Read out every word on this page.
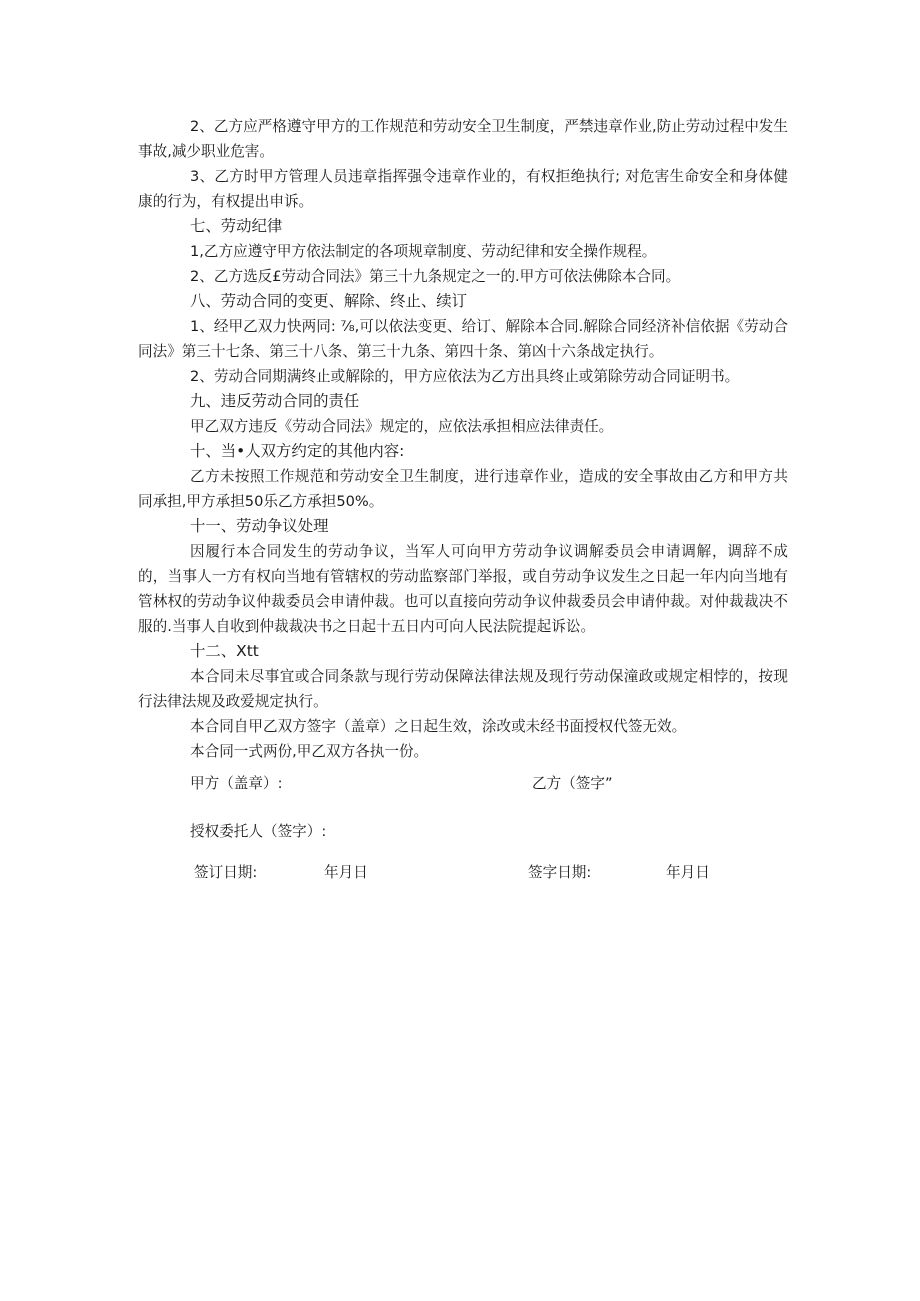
2、乙方应严格遵守甲方的工作规范和劳动安全卫生制度，严禁违章作业,防止劳动过程中发生事故,减少职业危害。

3、乙方时甲方管理人员违章指挥强令违章作业的，有权拒绝执行; 对危害生命安全和身体健康的行为，有权提出申诉。

七、劳动纪律

1,乙方应遵守甲方依法制定的各项规章制度、劳动纪律和安全操作规程。

2、乙方选反£劳动合同法》第三十九条规定之一的.甲方可依法佛除本合同。

八、劳动合同的变更、解除、终止、续订

1、经甲乙双力快两同: ⅞,可以依法变更、给订、解除本合同.解除合同经济补信依据《劳动合同法》第三十七条、第三十八条、第三十九条、第四十条、第凶十六条战定执行。

2、劳动合同期满终止或解除的，甲方应依法为乙方出具终止或第除劳动合同证明书。

九、违反劳动合同的责任

甲乙双方违反《劳动合同法》规定的，应依法承担相应法律责任。

十、当•人双方约定的其他内容:

乙方未按照工作规范和劳动安全卫生制度，进行违章作业，造成的安全事故由乙方和甲方共同承担,甲方承担50乐乙方承担50%。

十一、劳动争议处理

因履行本合同发生的劳动争议，当军人可向甲方劳动争议调解委员会申请调解，调辞不成的，当事人一方有权向当地有管辖权的劳动监察部门举报，或自劳动争议发生之日起一年内向当地有管林权的劳动争议仲裁委员会申请仲裁。也可以直接向劳动争议仲裁委员会申请仲裁。对仲裁裁决不服的.当事人自收到仲裁裁决书之日起十五日内可向人民法院提起诉讼。

十二、Xtt

本合同未尽事宜或合同条款与现行劳动保障法律法规及现行劳动保潼政或规定相悖的，按现行法律法规及政爱规定执行。

本合同自甲乙双方签字（盖章）之日起生效，涂改或未经书面授权代签无效。

本合同一式两份,甲乙双方各执一份。

甲方（盖章）:	乙方（签字”
授权委托人（签字）:
签订日期:	年月日	签字日期:	年月日
